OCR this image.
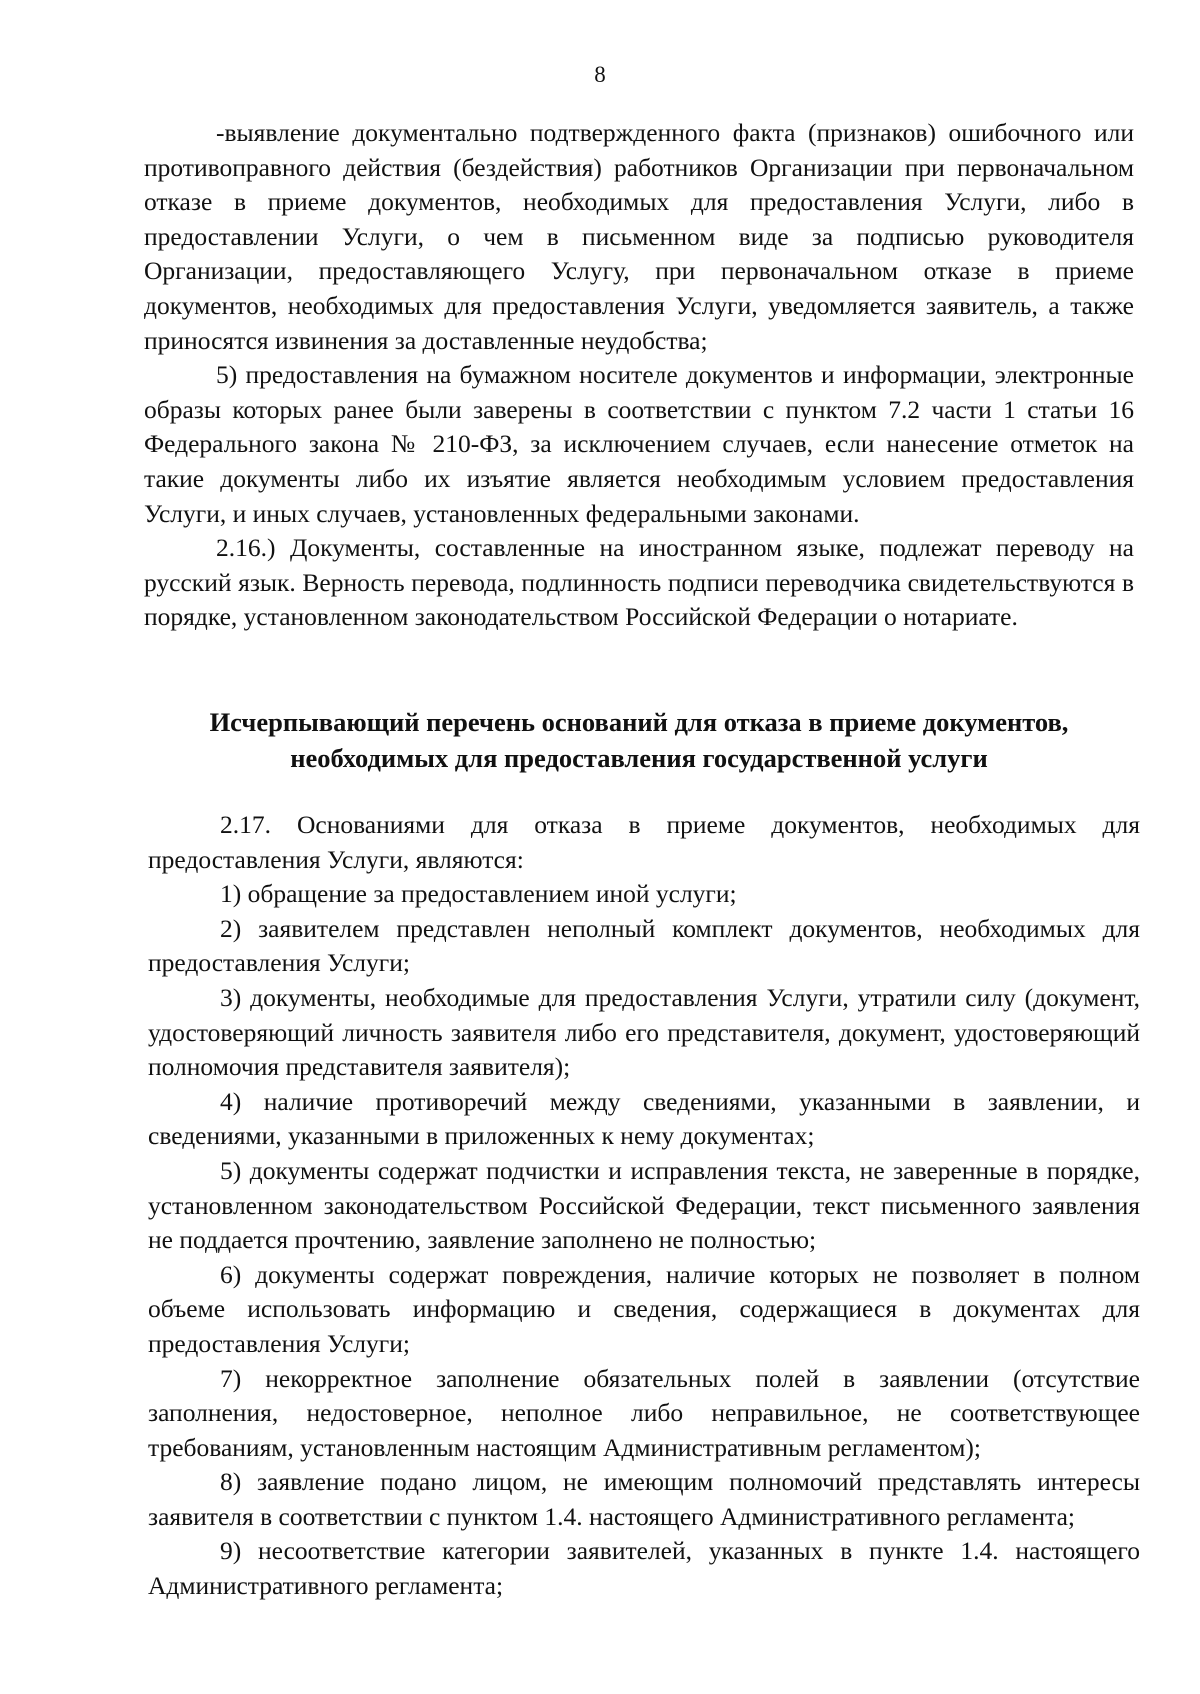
8

-выявление документально подтвержденного факта (признаков) ошибочного или противоправного действия (бездействия) работников Организации при первоначальном отказе в приеме документов, необходимых для предоставления Услуги, либо в предоставлении Услуги, о чем в письменном виде за подписью руководителя Организации, предоставляющего Услугу, при первоначальном отказе в приеме документов, необходимых для предоставления Услуги, уведомляется заявитель, а также приносятся извинения за доставленные неудобства;

5) предоставления на бумажном носителе документов и информации, электронные образы которых ранее были заверены в соответствии с пунктом 7.2 части 1 статьи 16 Федерального закона № 210-ФЗ, за исключением случаев, если нанесение отметок на такие документы либо их изъятие является необходимым условием предоставления Услуги, и иных случаев, установленных федеральными законами.

2.16.) Документы, составленные на иностранном языке, подлежат переводу на русский язык. Верность перевода, подлинность подписи переводчика свидетельствуются в порядке, установленном законодательством Российской Федерации о нотариате.

Исчерпывающий перечень оснований для отказа в приеме документов,
необходимых для предоставления государственной услуги

2.17. Основаниями для отказа в приеме документов, необходимых для предоставления Услуги, являются:

1) обращение за предоставлением иной услуги;

2) заявителем представлен неполный комплект документов, необходимых для предоставления Услуги;

3) документы, необходимые для предоставления Услуги, утратили силу (документ, удостоверяющий личность заявителя либо его представителя, документ, удостоверяющий полномочия представителя заявителя);

4) наличие противоречий между сведениями, указанными в заявлении, и сведениями, указанными в приложенных к нему документах;

5) документы содержат подчистки и исправления текста, не заверенные в порядке, установленном законодательством Российской Федерации, текст письменного заявления не поддается прочтению, заявление заполнено не полностью;

6) документы содержат повреждения, наличие которых не позволяет в полном объеме использовать информацию и сведения, содержащиеся в документах для предоставления Услуги;

7) некорректное заполнение обязательных полей в заявлении (отсутствие заполнения, недостоверное, неполное либо неправильное, не соответствующее требованиям, установленным настоящим Административным регламентом);

8) заявление подано лицом, не имеющим полномочий представлять интересы заявителя в соответствии с пунктом 1.4. настоящего Административного регламента;

9) несоответствие категории заявителей, указанных в пункте 1.4. настоящего Административного регламента;
